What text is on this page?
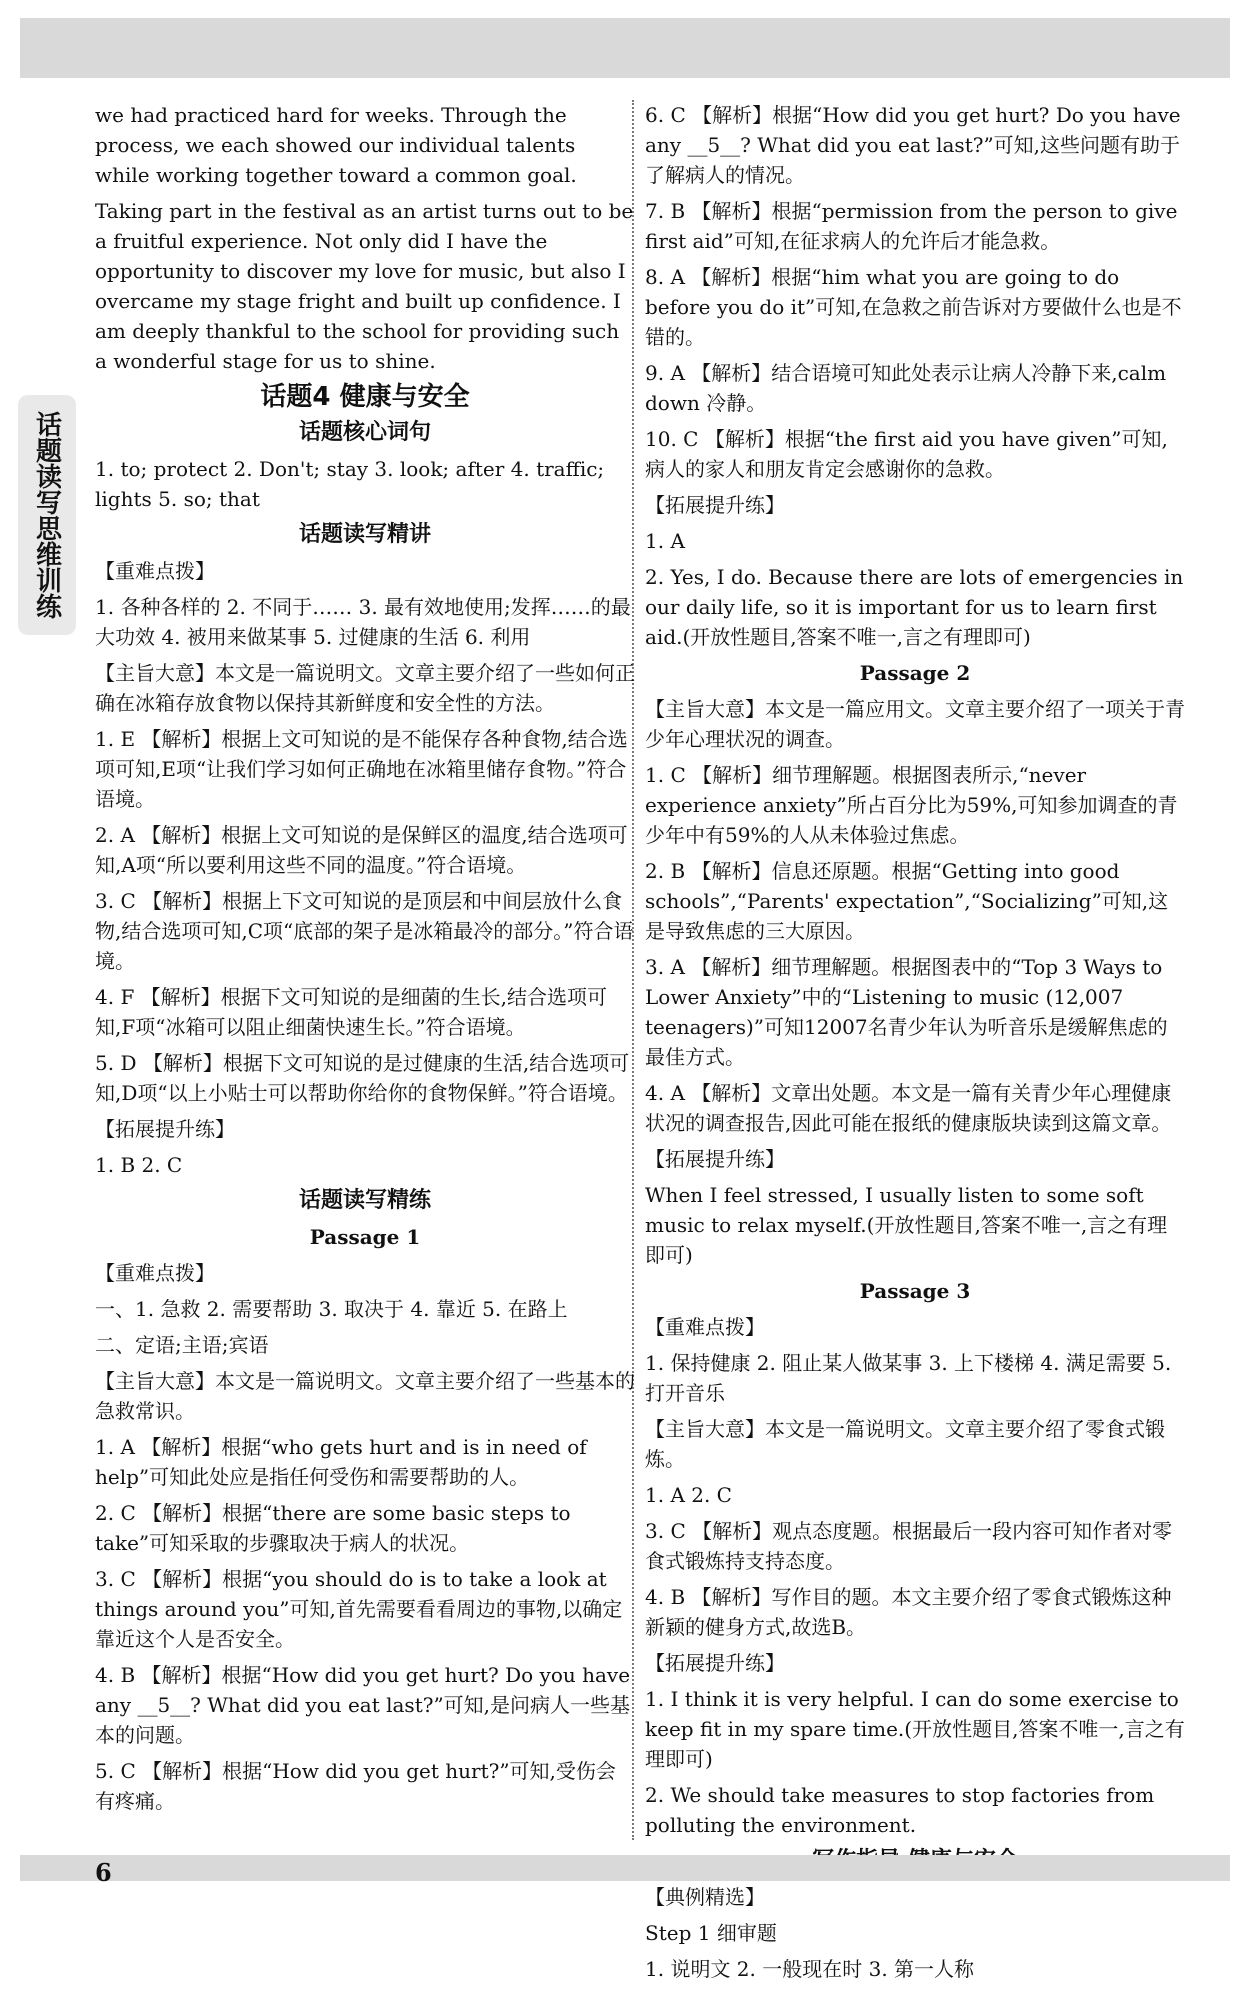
话题读写思维训练
we had practiced hard for weeks. Through the process, we each showed our individual talents while working together toward a common goal.
Taking part in the festival as an artist turns out to be a fruitful experience. Not only did I have the opportunity to discover my love for music, but also I overcame my stage fright and built up confidence. I am deeply thankful to the school for providing such a wonderful stage for us to shine.
话题4 健康与安全
话题核心词句
1. to; protect 2. Don't; stay 3. look; after 4. traffic; lights 5. so; that
话题读写精讲
【重难点拨】
1. 各种各样的 2. 不同于…… 3. 最有效地使用;发挥……的最大功效 4. 被用来做某事 5. 过健康的生活 6. 利用
【主旨大意】本文是一篇说明文。文章主要介绍了一些如何正确在冰箱存放食物以保持其新鲜度和安全性的方法。
1. E 【解析】根据上文可知说的是不能保存各种食物,结合选项可知,E项“让我们学习如何正确地在冰箱里储存食物。”符合语境。
2. A 【解析】根据上文可知说的是保鲜区的温度,结合选项可知,A项“所以要利用这些不同的温度。”符合语境。
3. C 【解析】根据上下文可知说的是顶层和中间层放什么食物,结合选项可知,C项“底部的架子是冰箱最冷的部分。”符合语境。
4. F 【解析】根据下文可知说的是细菌的生长,结合选项可知,F项“冰箱可以阻止细菌快速生长。”符合语境。
5. D 【解析】根据下文可知说的是过健康的生活,结合选项可知,D项“以上小贴士可以帮助你给你的食物保鲜。”符合语境。
【拓展提升练】
1. B 2. C
话题读写精练
Passage 1
【重难点拨】
一、1. 急救 2. 需要帮助 3. 取决于 4. 靠近 5. 在路上
二、定语;主语;宾语
【主旨大意】本文是一篇说明文。文章主要介绍了一些基本的急救常识。
1. A 【解析】根据“who gets hurt and is in need of help”可知此处应是指任何受伤和需要帮助的人。
2. C 【解析】根据“there are some basic steps to take”可知采取的步骤取决于病人的状况。
3. C 【解析】根据“you should do is to take a look at things around you”可知,首先需要看看周边的事物,以确定靠近这个人是否安全。
4. B 【解析】根据“How did you get hurt? Do you have any __5__? What did you eat last?”可知,是问病人一些基本的问题。
5. C 【解析】根据“How did you get hurt?”可知,受伤会有疼痛。
6. C 【解析】根据“How did you get hurt? Do you have any __5__? What did you eat last?”可知,这些问题有助于了解病人的情况。
7. B 【解析】根据“permission from the person to give first aid”可知,在征求病人的允许后才能急救。
8. A 【解析】根据“him what you are going to do before you do it”可知,在急救之前告诉对方要做什么也是不错的。
9. A 【解析】结合语境可知此处表示让病人冷静下来,calm down 冷静。
10. C 【解析】根据“the first aid you have given”可知,病人的家人和朋友肯定会感谢你的急救。
【拓展提升练】
1. A
2. Yes, I do. Because there are lots of emergencies in our daily life, so it is important for us to learn first aid.(开放性题目,答案不唯一,言之有理即可)
Passage 2
【主旨大意】本文是一篇应用文。文章主要介绍了一项关于青少年心理状况的调查。
1. C 【解析】细节理解题。根据图表所示,“never experience anxiety”所占百分比为59%,可知参加调查的青少年中有59%的人从未体验过焦虑。
2. B 【解析】信息还原题。根据“Getting into good schools”,“Parents' expectation”,“Socializing”可知,这是导致焦虑的三大原因。
3. A 【解析】细节理解题。根据图表中的“Top 3 Ways to Lower Anxiety”中的“Listening to music (12,007 teenagers)”可知12007名青少年认为听音乐是缓解焦虑的最佳方式。
4. A 【解析】文章出处题。本文是一篇有关青少年心理健康状况的调查报告,因此可能在报纸的健康版块读到这篇文章。
【拓展提升练】
When I feel stressed, I usually listen to some soft music to relax myself.(开放性题目,答案不唯一,言之有理即可)
Passage 3
【重难点拨】
1. 保持健康 2. 阻止某人做某事 3. 上下楼梯 4. 满足需要 5. 打开音乐
【主旨大意】本文是一篇说明文。文章主要介绍了零食式锻炼。
1. A 2. C
3. C 【解析】观点态度题。根据最后一段内容可知作者对零食式锻炼持支持态度。
4. B 【解析】写作目的题。本文主要介绍了零食式锻炼这种新颖的健身方式,故选B。
【拓展提升练】
1. I think it is very helpful. I can do some exercise to keep fit in my spare time.(开放性题目,答案不唯一,言之有理即可)
2. We should take measures to stop factories from polluting the environment.
【典例精选】
Step 1 细审题
1. 说明文 2. 一般现在时 3. 第一人称
6
